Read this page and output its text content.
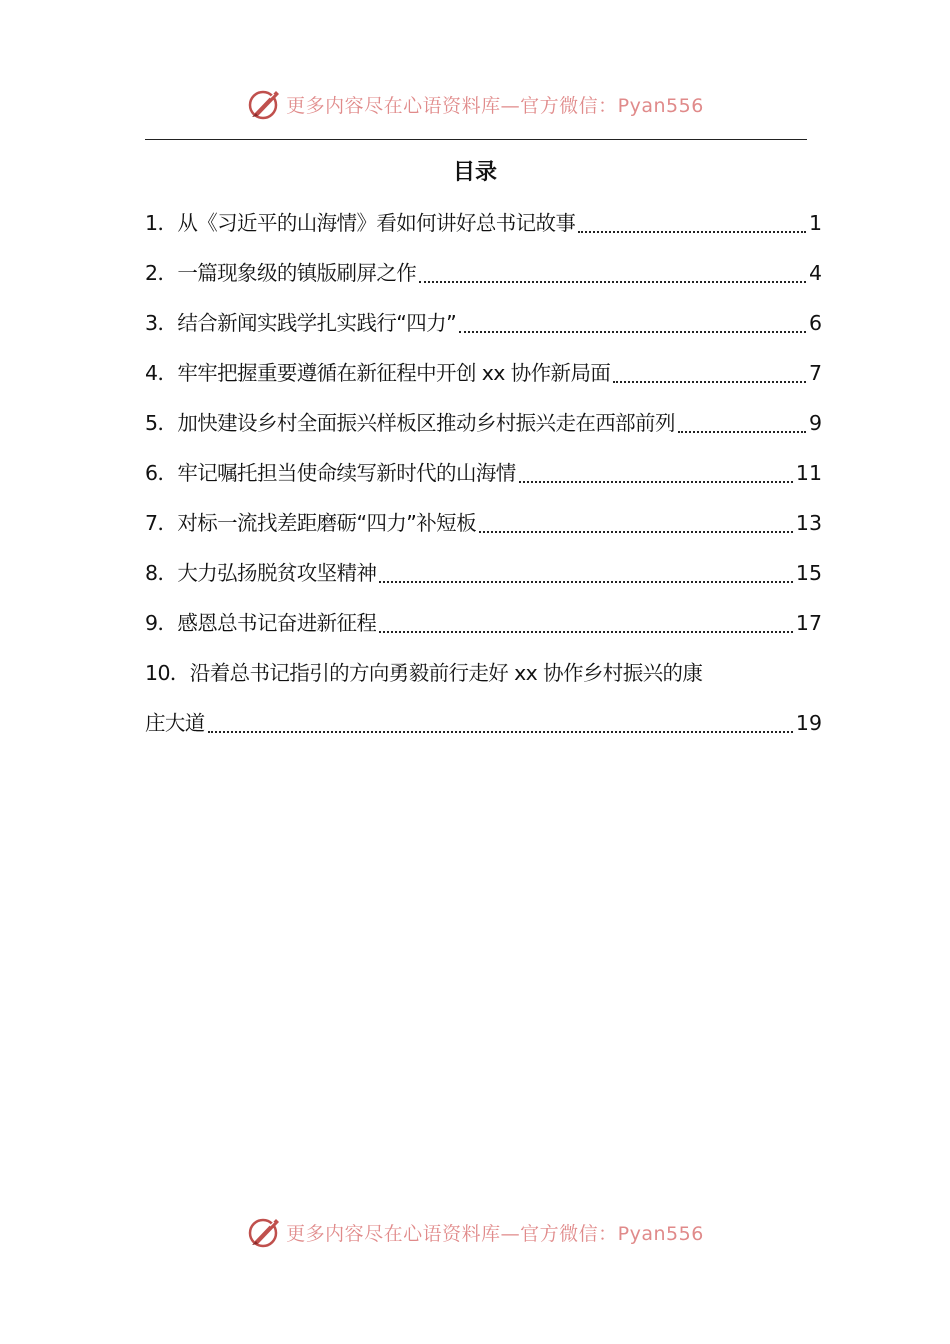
更多内容尽在心语资料库—官方微信：Pyan556
目录
1． 从《习近平的山海情》看如何讲好总书记故事	1
2． 一篇现象级的镇版刷屏之作	4
3． 结合新闻实践学扎实践行“四力”	6
4． 牢牢把握重要遵循在新征程中开创 xx 协作新局面	7
5． 加快建设乡村全面振兴样板区推动乡村振兴走在西部前列	9
6． 牢记嘱托担当使命续写新时代的山海情	11
7． 对标一流找差距磨砺“四力”补短板	13
8． 大力弘扬脱贫攻坚精神	15
9． 感恩总书记奋进新征程	17
10． 沿着总书记指引的方向勇毅前行走好 xx 协作乡村振兴的康
庄大道	19
更多内容尽在心语资料库—官方微信：Pyan556
